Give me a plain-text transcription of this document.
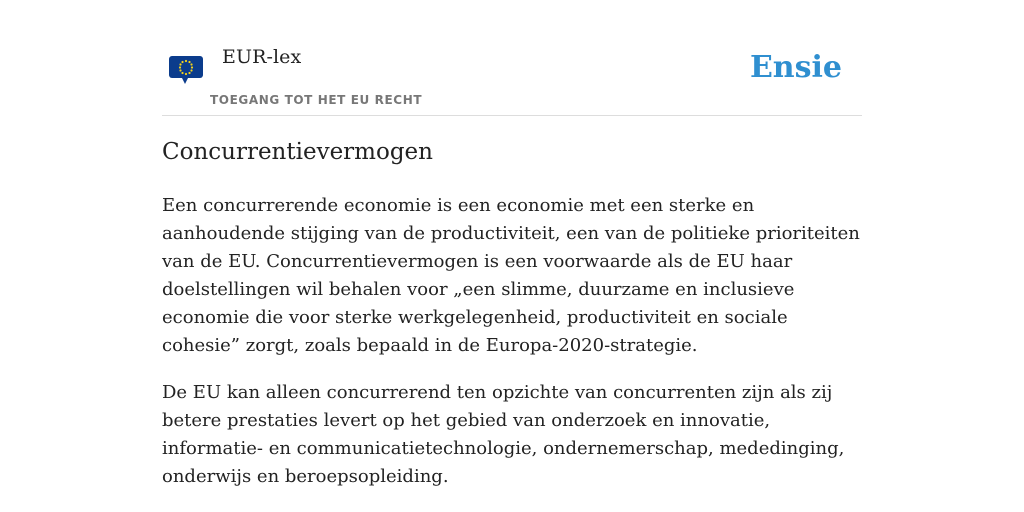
EUR-lex
TOEGANG TOT HET EU RECHT
Ensie
Concurrentievermogen

Een concurrerende economie is een economie met een sterke en aanhoudende stijging van de productiviteit, een van de politieke prioriteiten van de EU. Concurrentievermogen is een voorwaarde als de EU haar doelstellingen wil behalen voor „een slimme, duurzame en inclusieve economie die voor sterke werkgelegenheid, productiviteit en sociale cohesie” zorgt, zoals bepaald in de Europa-2020-strategie.

De EU kan alleen concurrerend ten opzichte van concurrenten zijn als zij betere prestaties levert op het gebied van onderzoek en innovatie, informatie- en communicatietechnologie, ondernemerschap, mededinging, onderwijs en beroepsopleiding.
